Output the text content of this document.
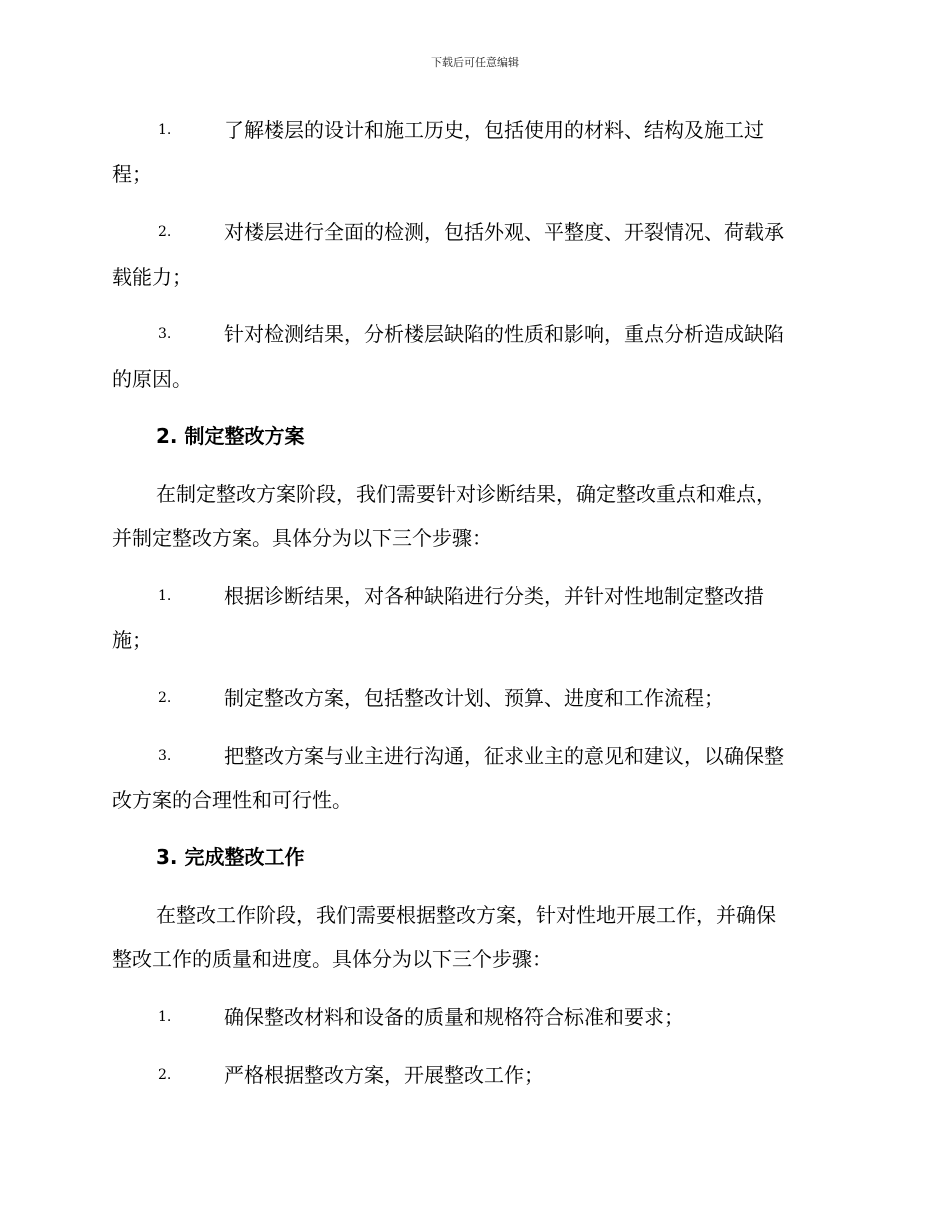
下载后可任意编辑
1.	了解楼层的设计和施工历史，包括使用的材料、结构及施工过
程；
2.	对楼层进行全面的检测，包括外观、平整度、开裂情况、荷载承
载能力；
3.	针对检测结果，分析楼层缺陷的性质和影响，重点分析造成缺陷
的原因。
2. 制定整改方案
在制定整改方案阶段，我们需要针对诊断结果，确定整改重点和难点，
并制定整改方案。具体分为以下三个步骤：
1.	根据诊断结果，对各种缺陷进行分类，并针对性地制定整改措
施；
2.	制定整改方案，包括整改计划、预算、进度和工作流程；
3.	把整改方案与业主进行沟通，征求业主的意见和建议，以确保整
改方案的合理性和可行性。
3. 完成整改工作
在整改工作阶段，我们需要根据整改方案，针对性地开展工作，并确保
整改工作的质量和进度。具体分为以下三个步骤：
1.	确保整改材料和设备的质量和规格符合标准和要求；
2.	严格根据整改方案，开展整改工作；
